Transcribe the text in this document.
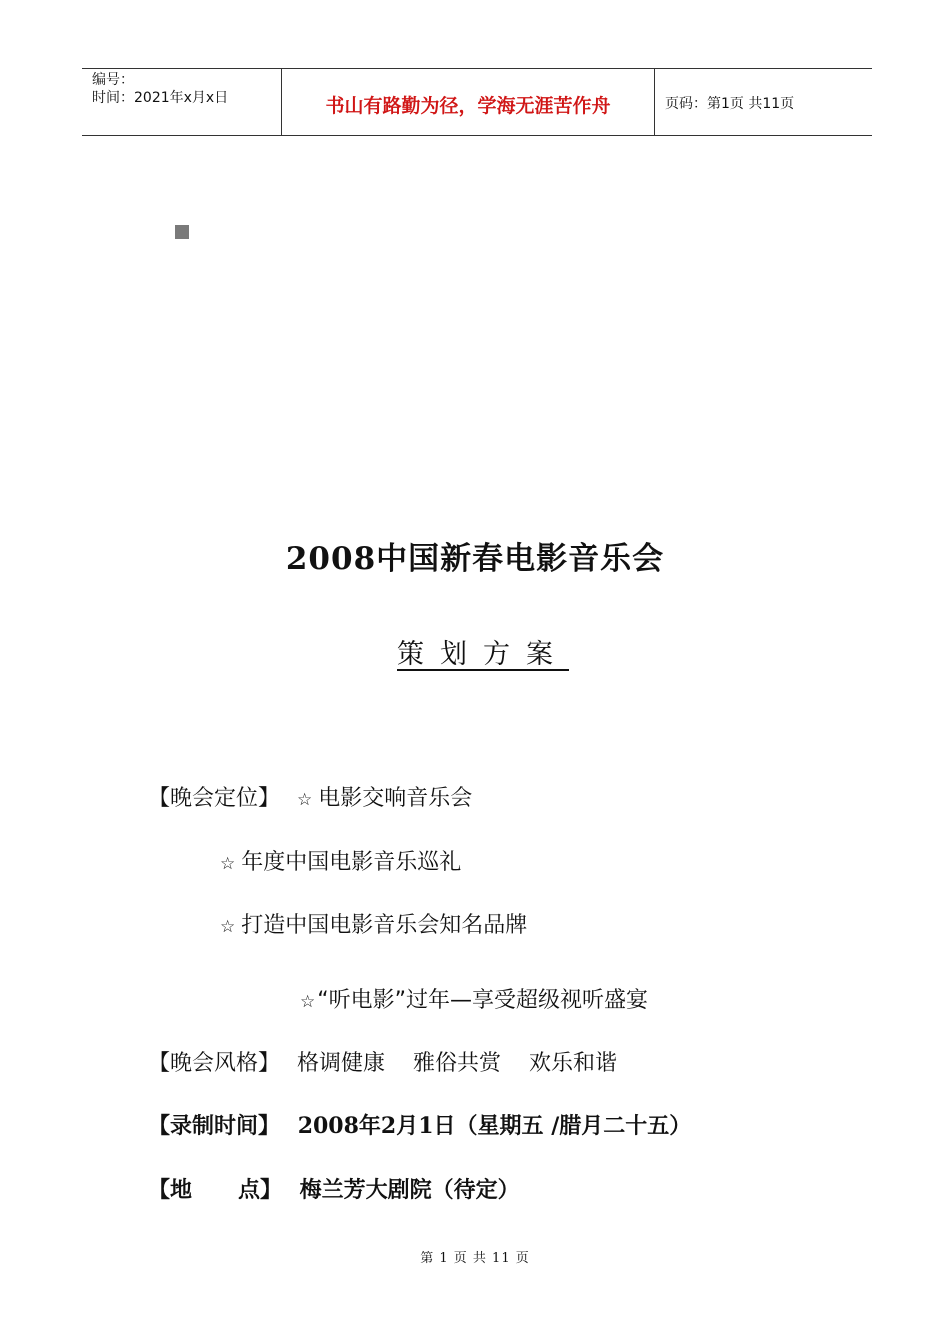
编号：
时间：2021年x月x日	书山有路勤为径，学海无涯苦作舟	页码：第1页 共11页
2008中国新春电影音乐会
策划方案
【晚会定位】 ☆ 电影交响音乐会
☆ 年度中国电影音乐巡礼
☆ 打造中国电影音乐会知名品牌
☆“听电影”过年—享受超级视听盛宴
【晚会风格】 格调健康    雅俗共赏    欢乐和谐
【录制时间】 2008年2月1日（星期五 /腊月二十五）
【地      点】 梅兰芳大剧院（待定）
第 1 页 共 11 页
